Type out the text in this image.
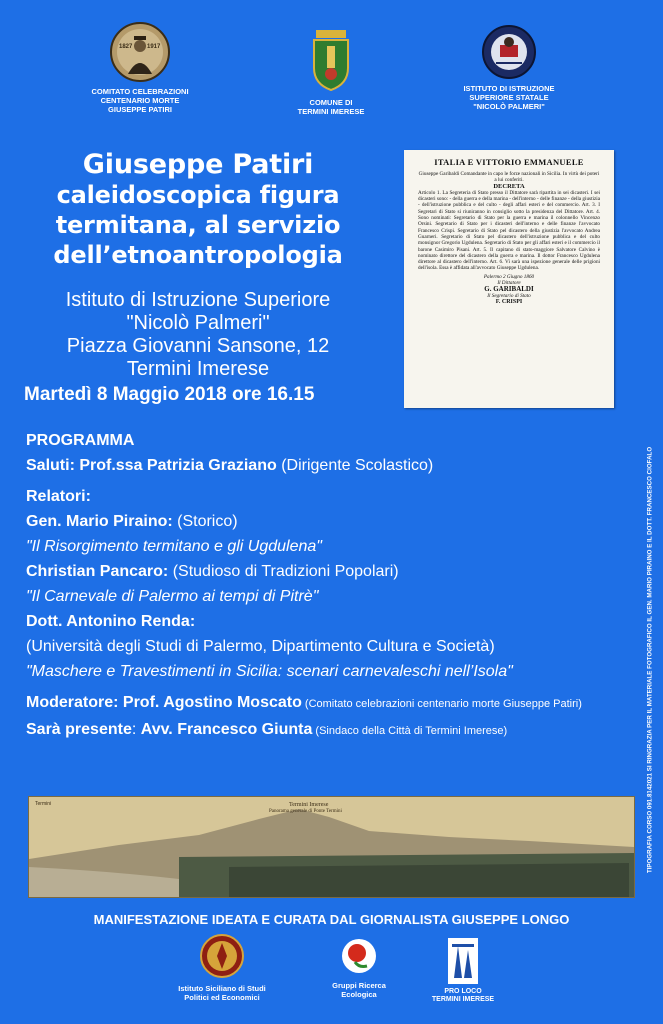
1827 1917
COMITATO CELEBRAZIONI
CENTENARIO MORTE
GIUSEPPE PATIRI
COMUNE DI
TERMINI IMERESE
ISTITUTO DI ISTRUZIONE
SUPERIORE STATALE
"NICOLÒ PALMERI"
Giuseppe Patiri
caleidoscopica figura
termitana, al servizio
dell’etnoantropologia
Istituto di Istruzione Superiore
"Nicolò Palmeri"
Piazza Giovanni Sansone, 12
Termini Imerese
Martedì 8 Maggio 2018 ore 16.15
ITALIA E VITTORIO EMMANUELE

Giuseppe Garibaldi Comandante in capo le forze nazionali in Sicilia. In virtù dei poteri a lui conferiti.

DECRETA

Articolo 1. La Segreteria di Stato presso il Dittatore sarà ripartita in sei dicasteri. I sei dicasteri sono: - della guerra e della marina - dell'interno - delle finanze - della giustizia - dell'istruzione pubblica e del culto - degli affari esteri e del commercio. Art. 3. I Segretari di Stato si riuniranno in consiglio sotto la presidenza del Dittatore. Art. 4. Sono nominati: Segretario di Stato per la guerra e marina il colonnello Vincenzo Orsini. Segretario di Stato per i dicasteri dell'interno e delle finanze l'avvocato Francesco Crispi. Segretario di Stato pel dicastero della giustizia l'avvocato Andrea Guarneri. Segretario di Stato pel dicastero dell'istruzione pubblica e del culto monsignor Gregorio Ugdulena. Segretario di Stato per gli affari esteri e il commercio il barone Casimiro Pisani. Art. 5. Il capitano di stato-maggiore Salvatore Calvino è nominato direttore del dicastero della guerra e marina. Il dottor Francesco Ugdulena direttore al dicastero dell'interno. Art. 6. Vi sarà una ispezione generale delle prigioni dell'isola. Essa è affidata all'avvocato Giuseppe Ugdulena.

Palermo 2 Giugno 1860

Il Dittatore

G. GARIBALDI

Il Segretario di Stato

F. CRISPI

PROGRAMMA
Saluti: Prof.ssa Patrizia Graziano (Dirigente Scolastico)
Relatori:
Gen. Mario Piraino: (Storico)
"Il Risorgimento termitano e gli Ugdulena"
Christian Pancaro: (Studioso di Tradizioni Popolari)
"Il Carnevale di Palermo ai tempi di Pitrè"
Dott. Antonino Renda:
(Università degli Studi di Palermo, Dipartimento Cultura e Società)
"Maschere e Travestimenti in Sicilia: scenari carnevaleschi nell’Isola"
Moderatore: Prof. Agostino Moscato (Comitato celebrazioni centenario morte Giuseppe Patiri)
Sarà presente: Avv. Francesco Giunta (Sindaco della Città di Termini Imerese)	TIPOGRAFIA CORSO 091.8142021 SI RINGRAZIA PER IL MATERIALE FOTOGRAFICO IL GEN. MARIO PIRAINO E IL DOTT. FRANCESCO CIOFALO
Termini Imerese
Panorama generale di Ponte Termini
Termini
MANIFESTAZIONE IDEATA E CURATA DAL GIORNALISTA GIUSEPPE LONGO
Istituto Siciliano di Studi
Politici ed Economici
Gruppi Ricerca
Ecologica	PRO LOCO
TERMINI IMERESE
